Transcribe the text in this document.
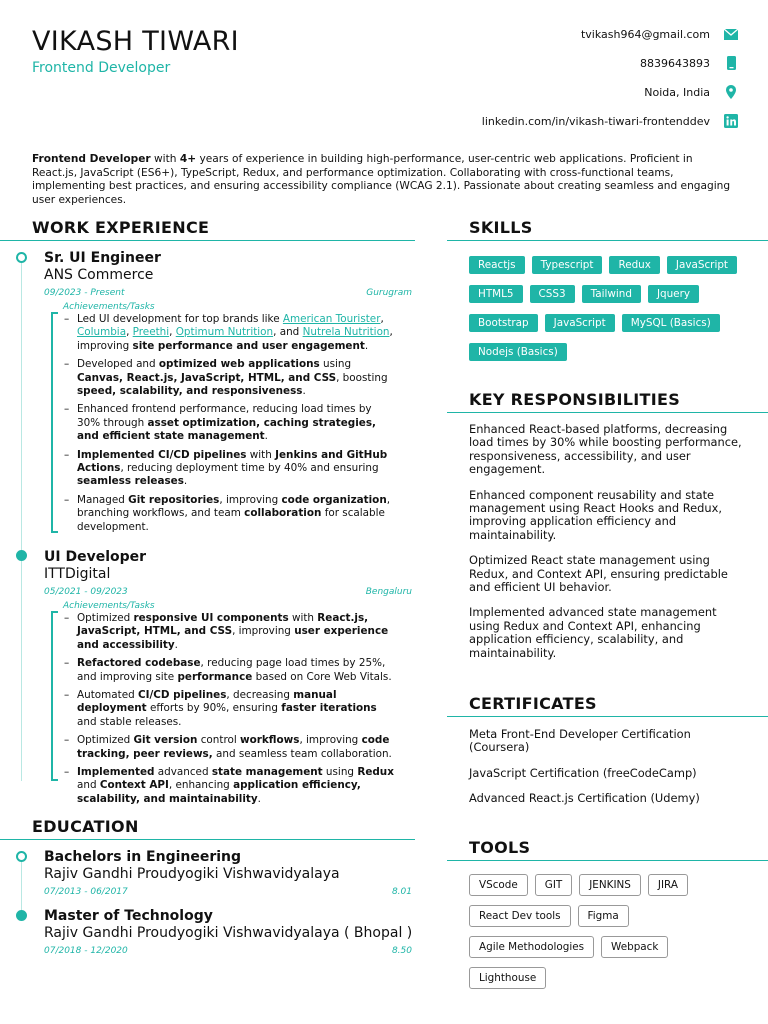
VIKASH TIWARI
Frontend Developer
tvikash964@gmail.com
8839643893
Noida, India
linkedin.com/in/vikash-tiwari-frontenddev
Frontend Developer with 4+ years of experience in building high-performance, user-centric web applications. Proficient in React.js, JavaScript (ES6+), TypeScript, Redux, and performance optimization. Collaborating with cross-functional teams, implementing best practices, and ensuring accessibility compliance (WCAG 2.1). Passionate about creating seamless and engaging user experiences.
WORK EXPERIENCE
Sr. UI Engineer
ANS Commerce
09/2023 - Present	Gurugram
Achievements/Tasks
– Led UI development for top brands like American Tourister, Columbia, Preethi, Optimum Nutrition, and Nutrela Nutrition, improving site performance and user engagement.
– Developed and optimized web applications using Canvas, React.js, JavaScript, HTML, and CSS, boosting speed, scalability, and responsiveness.
– Enhanced frontend performance, reducing load times by 30% through asset optimization, caching strategies, and efficient state management.
– Implemented CI/CD pipelines with Jenkins and GitHub Actions, reducing deployment time by 40% and ensuring seamless releases.
– Managed Git repositories, improving code organization, branching workflows, and team collaboration for scalable development.
UI Developer
ITTDigital
05/2021 - 09/2023	Bengaluru
Achievements/Tasks
– Optimized responsive UI components with React.js, JavaScript, HTML, and CSS, improving user experience and accessibility.
– Refactored codebase, reducing page load times by 25%, and improving site performance based on Core Web Vitals.
– Automated CI/CD pipelines, decreasing manual deployment efforts by 90%, ensuring faster iterations and stable releases.
– Optimized Git version control workflows, improving code tracking, peer reviews, and seamless team collaboration.
– Implemented advanced state management using Redux and Context API, enhancing application efficiency, scalability, and maintainability.
EDUCATION
Bachelors in Engineering
Rajiv Gandhi Proudyogiki Vishwavidyalaya
07/2013 - 06/2017	8.01
Master of Technology
Rajiv Gandhi Proudyogiki Vishwavidyalaya ( Bhopal )
07/2018 - 12/2020	8.50
SKILLS
Reactjs Typescript Redux JavaScriptHTML5 CSS3 Tailwind JqueryBootstrap JavaScript MySQL (Basics)Nodejs (Basics)
KEY RESPONSIBILITIES

Enhanced React-based platforms, decreasing load times by 30% while boosting performance, responsiveness, accessibility, and user engagement.

Enhanced component reusability and state management using React Hooks and Redux, improving application efficiency and maintainability.

Optimized React state management using Redux, and Context API, ensuring predictable and efficient UI behavior.

Implemented advanced state management using Redux and Context API, enhancing application efficiency, scalability, and maintainability.

CERTIFICATES

Meta Front-End Developer Certification (Coursera)

JavaScript Certification (freeCodeCamp)

Advanced React.js Certification (Udemy)

TOOLS
VScode	GIT	JENKINS	JIRAReact Dev tools	FigmaAgile Methodologies	WebpackLighthouse
